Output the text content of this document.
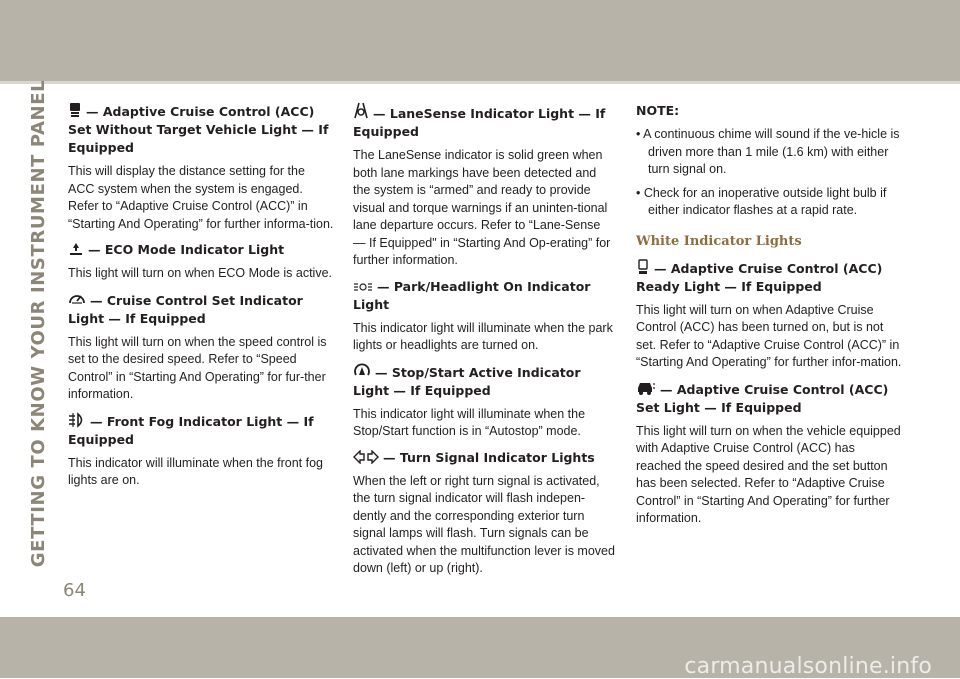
GETTING TO KNOW YOUR INSTRUMENT PANEL	— Adaptive Cruise Control (ACC) Set Without Target Vehicle Light — If Equipped
This will display the distance setting for the ACC system when the system is engaged. Refer to “Adaptive Cruise Control (ACC)” in “Starting And Operating” for further informa-tion.
— ECO Mode Indicator Light
This light will turn on when ECO Mode is active.
— Cruise Control Set Indicator Light — If Equipped
This light will turn on when the speed control is set to the desired speed. Refer to “Speed Control” in “Starting And Operating” for fur-ther information.
— Front Fog Indicator Light — If Equipped
This indicator will illuminate when the front fog lights are on.
— LaneSense Indicator Light — If Equipped
The LaneSense indicator is solid green when both lane markings have been detected and the system is “armed” and ready to provide visual and torque warnings if an uninten-tional lane departure occurs. Refer to “Lane-Sense — If Equipped" in “Starting And Op-erating” for further information.
— Park/Headlight On Indicator Light
This indicator light will illuminate when the park lights or headlights are turned on.
— Stop/Start Active Indicator Light — If Equipped
This indicator light will illuminate when the Stop/Start function is in “Autostop” mode.
— Turn Signal Indicator Lights
When the left or right turn signal is activated, the turn signal indicator will flash indepen-dently and the corresponding exterior turn signal lamps will flash. Turn signals can be activated when the multifunction lever is moved down (left) or up (right).
NOTE:
• A continuous chime will sound if the ve-hicle is driven more than 1 mile (1.6 km) with either turn signal on.
• Check for an inoperative outside light bulb if either indicator flashes at a rapid rate.
White Indicator Lights
— Adaptive Cruise Control (ACC) Ready Light — If Equipped
This light will turn on when Adaptive Cruise Control (ACC) has been turned on, but is not set. Refer to “Adaptive Cruise Control (ACC)” in “Starting And Operating” for further infor-mation.
— Adaptive Cruise Control (ACC) Set Light — If Equipped
This light will turn on when the vehicle equipped with Adaptive Cruise Control (ACC) has reached the speed desired and the set button has been selected. Refer to “Adaptive Cruise Control” in “Starting And Operating” for further information.
64
carmanualsonline.info
